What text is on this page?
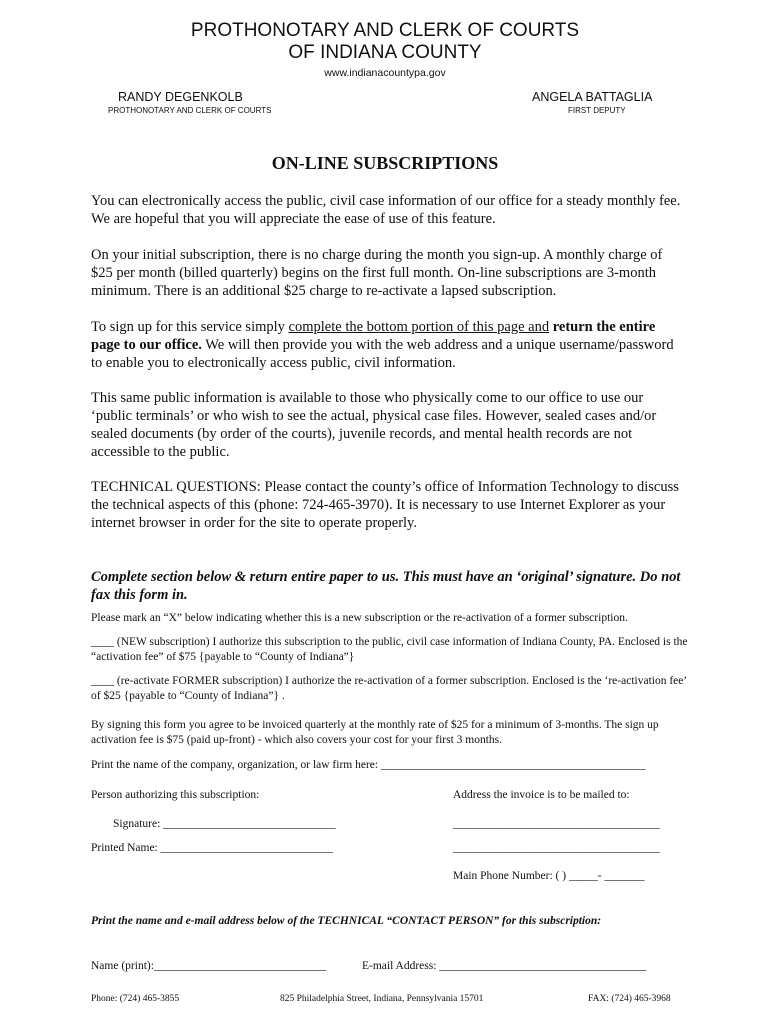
PROTHONOTARY AND CLERK OF COURTS
OF INDIANA COUNTY
www.indianacountypa.gov
RANDY DEGENKOLB
PROTHONOTARY AND CLERK OF COURTS
ANGELA BATTAGLIA
FIRST DEPUTY
ON-LINE SUBSCRIPTIONS

You can electronically access the public, civil case information of our office for a steady monthly fee. We are hopeful that you will appreciate the ease of use of this feature.

On your initial subscription, there is no charge during the month you sign-up. A monthly charge of $25 per month (billed quarterly) begins on the first full month. On-line subscriptions are 3-month minimum. There is an additional $25 charge to re-activate a lapsed subscription.

To sign up for this service simply complete the bottom portion of this page and return the entire page to our office. We will then provide you with the web address and a unique username/password to enable you to electronically access public, civil information.

This same public information is available to those who physically come to our office to use our ‘public terminals’ or who wish to see the actual, physical case files. However, sealed cases and/or sealed documents (by order of the courts), juvenile records, and mental health records are not accessible to the public.

TECHNICAL QUESTIONS: Please contact the county’s office of Information Technology to discuss the technical aspects of this (phone: 724-465-3970). It is necessary to use Internet Explorer as your internet browser in order for the site to operate properly.

Complete section below & return entire paper to us. This must have an ‘original’ signature. Do not fax this form in.

Please mark an “X” below indicating whether this is a new subscription or the re-activation of a former subscription.

____ (NEW subscription) I authorize this subscription to the public, civil case information of Indiana County, PA. Enclosed is the “activation fee” of $75 {payable to “County of Indiana”}

____ (re-activate FORMER subscription) I authorize the re-activation of a former subscription. Enclosed is the ‘re-activation fee’ of $25 {payable to “County of Indiana”} .

By signing this form you agree to be invoiced quarterly at the monthly rate of $25 for a minimum of 3-months. The sign up activation fee is $75 (paid up-front) - which also covers your cost for your first 3 months.

Print the name of the company, organization, or law firm here: ______________________________________________
Person authorizing this subscription:	Address the invoice is to be mailed to:
Signature: ______________________________	____________________________________
Printed Name: ______________________________	____________________________________
Main Phone Number: ( ) _____- _______
Print the name and e-mail address below of the TECHNICAL “CONTACT PERSON” for this subscription:
Name (print):______________________________	E-mail Address: ____________________________________
Phone: (724) 465-3855	825 Philadelphia Street, Indiana, Pennsylvania 15701	FAX: (724) 465-3968
